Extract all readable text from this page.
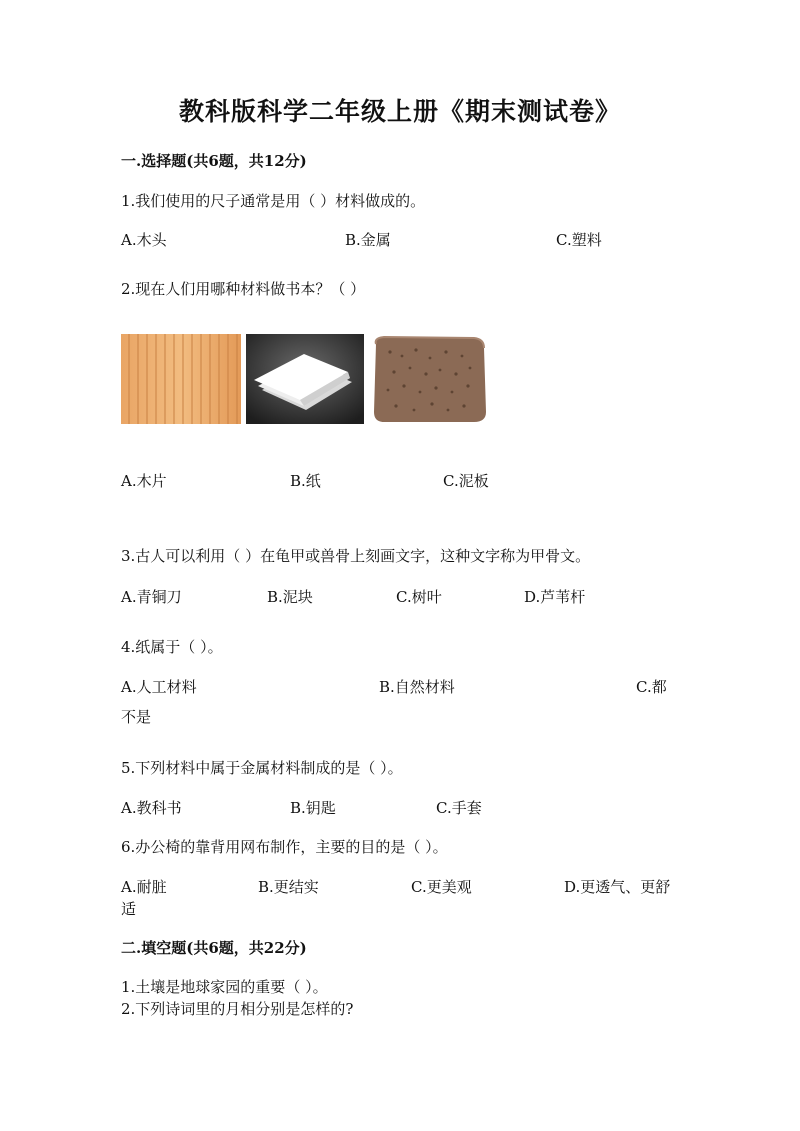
教科版科学二年级上册《期末测试卷》
一.选择题(共6题，共12分)
1.我们使用的尺子通常是用（ ）材料做成的。
A.木头	B.金属	C.塑料
2.现在人们用哪种材料做书本？（ ）
A.木片	B.纸	C.泥板
3.古人可以利用（ ）在龟甲或兽骨上刻画文字，这种文字称为甲骨文。
A.青铜刀	B.泥块	C.树叶	D.芦苇杆
4.纸属于（ ）。
A.人工材料	B.自然材料	C.都
不是
5.下列材料中属于金属材料制成的是（ ）。
A.教科书	B.钥匙	C.手套
6.办公椅的靠背用网布制作，主要的目的是（ ）。
A.耐脏	B.更结实	C.更美观	D.更透气、更舒
适
二.填空题(共6题，共22分)
1.土壤是地球家园的重要（ ）。
2.下列诗词里的月相分别是怎样的?
